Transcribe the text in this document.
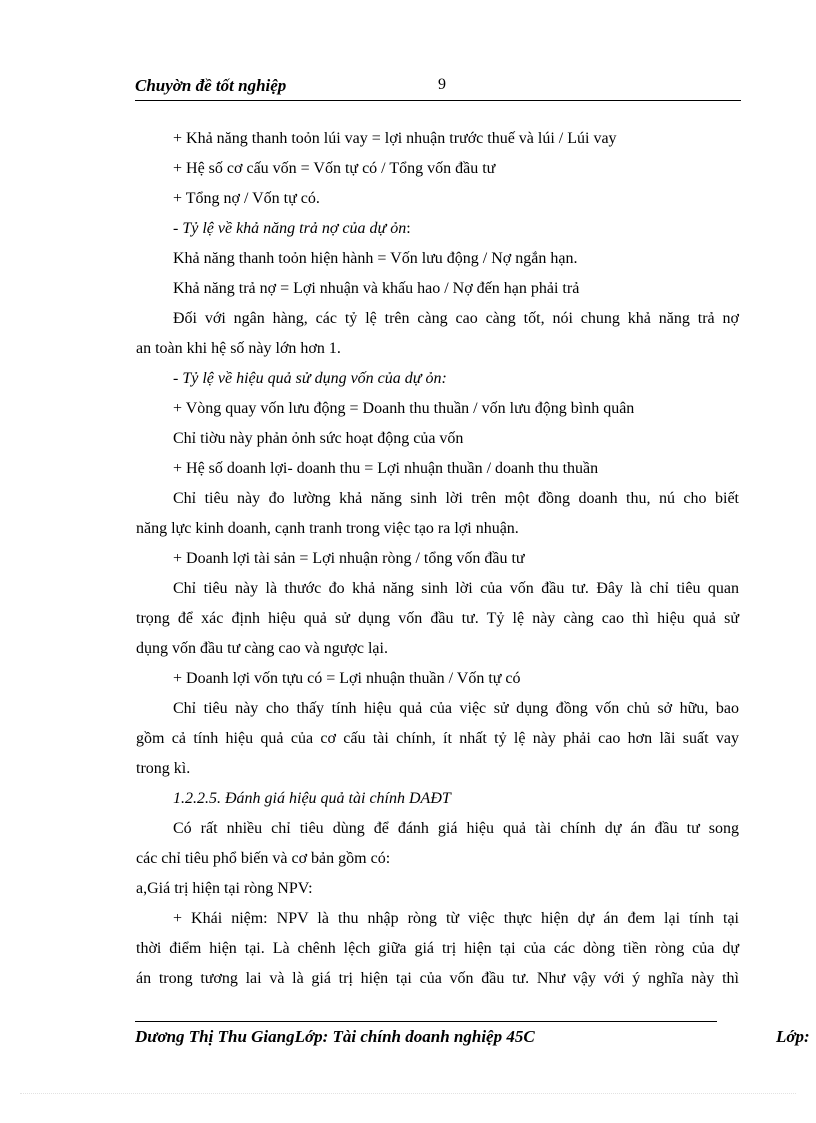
Chuyờn đề tốt nghiệp	9
+ Khả năng thanh toỏn lúi vay = lợi nhuận trước thuế và lúi / Lúi vay
+ Hệ số cơ cấu vốn = Vốn tự có / Tổng vốn đầu tư
+ Tổng nợ / Vốn tự có.
- Tỷ lệ về khả năng trả nợ của dự ỏn:
Khả năng thanh toỏn hiện hành = Vốn lưu động / Nợ ngắn hạn.
Khả năng trả nợ = Lợi nhuận và khấu hao / Nợ đến hạn phải trả
Đối với ngân hàng, các tỷ lệ trên càng cao càng tốt, nói chung khả năng trả nợ
an toàn khi hệ số này lớn hơn 1.
- Tỷ lệ về hiệu quả sử dụng vốn của dự ỏn:
+ Vòng quay vốn lưu động = Doanh thu thuần / vốn lưu động bình quân
Chỉ tiờu này phản ỏnh sức hoạt động của vốn
+ Hệ số doanh lợi- doanh thu = Lợi nhuận thuần / doanh thu thuần
Chỉ tiêu này đo lường khả năng sinh lời trên một đồng doanh thu, nú cho biết
năng lực kinh doanh, cạnh tranh trong việc tạo ra lợi nhuận.
+ Doanh lợi tài sản = Lợi nhuận ròng / tổng vốn đầu tư
Chỉ tiêu này là thước đo khả năng sinh lời của vốn đầu tư. Đây là chỉ tiêu quan
trọng để xác định hiệu quả sử dụng vốn đầu tư. Tỷ lệ này càng cao thì hiệu quả sử
dụng vốn đầu tư càng cao và ngược lại.
+ Doanh lợi vốn tựu có = Lợi nhuận thuần / Vốn tự có
Chỉ tiêu này cho thấy tính hiệu quả của việc sử dụng đồng vốn chủ sở hữu, bao
gồm cả tính hiệu quả của cơ cấu tài chính, ít nhất tỷ lệ này phải cao hơn lãi suất vay
trong kì.
1.2.2.5. Đánh giá hiệu quả tài chính DAĐT
Có rất nhiều chỉ tiêu dùng để đánh giá hiệu quả tài chính dự án đầu tư song
các chỉ tiêu phổ biến và cơ bản gồm có:
a,Giá trị hiện tại ròng NPV:
+ Khái niệm: NPV là thu nhập ròng từ việc thực hiện dự án đem lại tính tại
thời điểm hiện tại. Là chênh lệch giữa giá trị hiện tại của các dòng tiền ròng của dự
án trong tương lai và là giá trị hiện tại của vốn đầu tư. Như vậy với ý nghĩa này thì
Dương Thị Thu GiangLớp: Tài chính doanh nghiệp 45C	Lớp:
